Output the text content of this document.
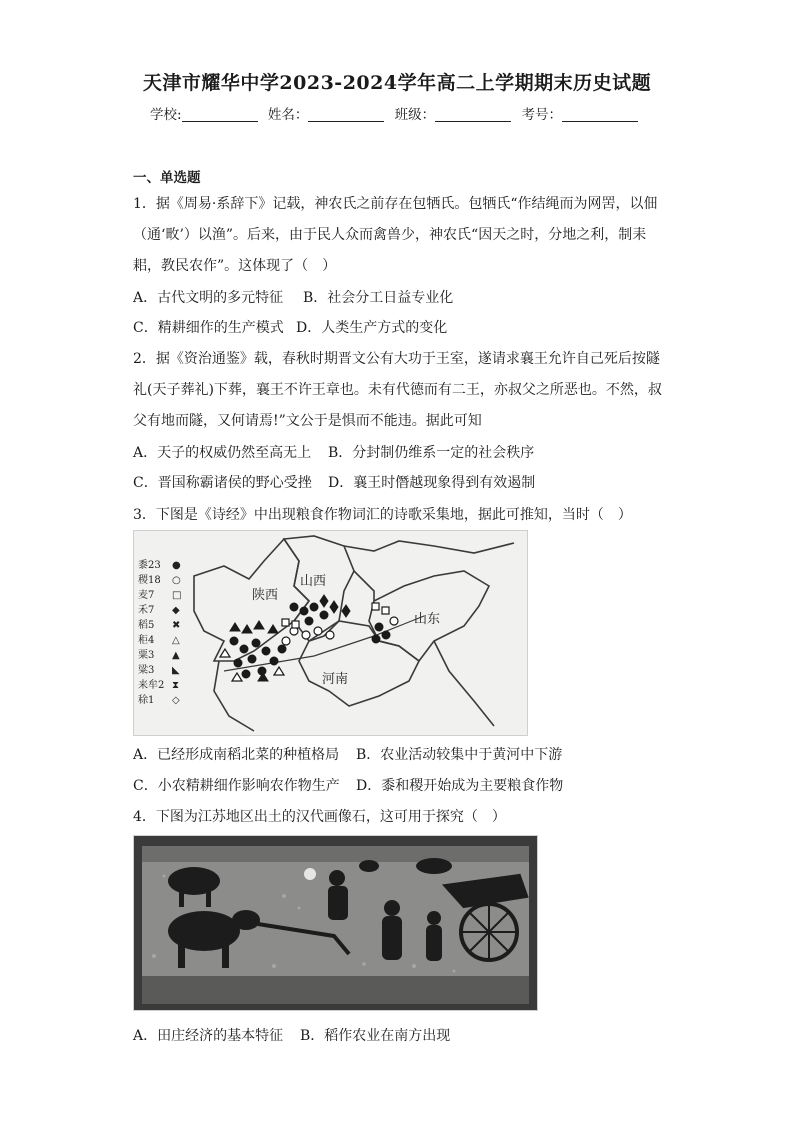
天津市耀华中学2023-2024学年高二上学期期末历史试题
学校:	姓名：	班级：	考号：
一、单选题
1．据《周易·系辞下》记载，神农氏之前存在包牺氏。包牺氏“作结绳而为网罟，以佃
（通‘畋’）以渔”。后来，由于民人众而禽兽少，神农氏“因天之时，分地之利，制耒
耜，教民农作”。这体现了（　）
A．古代文明的多元特征 B．社会分工日益专业化
C．精耕细作的生产模式 D．人类生产方式的变化
2．据《资治通鉴》载，春秋时期晋文公有大功于王室，遂请求襄王允许自己死后按隧
礼(天子葬礼)下葬，襄王不许王章也。未有代德而有二王，亦叔父之所恶也。不然，叔
父有地而隧，又何请焉!”文公于是惧而不能违。据此可知
A．天子的权威仍然至高无上 B．分封制仍维系一定的社会秩序
C．晋国称霸诸侯的野心受挫 D．襄王时僭越现象得到有效遏制
3．下图是《诗经》中出现粮食作物词汇的诗歌采集地，据此可推知，当时（　）
黍23
稷18
麦7
禾7
稻5
秬4
粟3
粱3
来牟2
稌1
●
○
□
◆
✖
△
▲
◣
⧗
◇
陕西
山西
山东
河南
A．已经形成南稻北菜的种植格局 B．农业活动较集中于黄河中下游
C．小农精耕细作影响农作物生产 D．黍和稷开始成为主要粮食作物
4．下图为江苏地区出土的汉代画像石，这可用于探究（　）
A．田庄经济的基本特征 B．稻作农业在南方出现
